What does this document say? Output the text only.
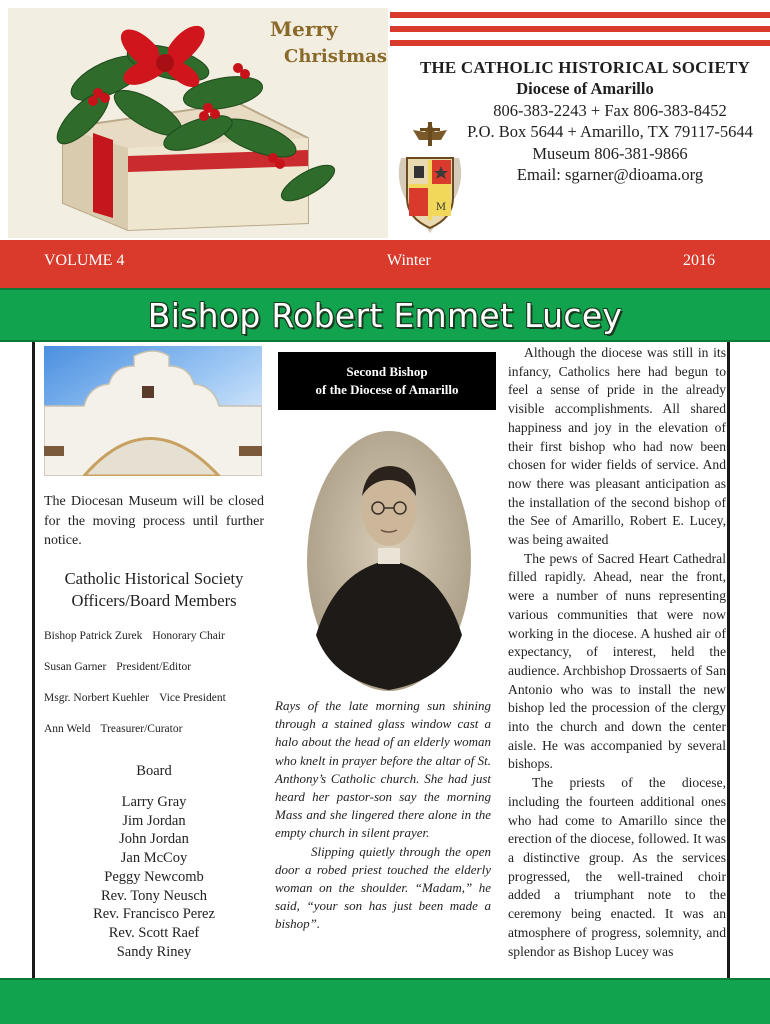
Merry
Christmas
THE CATHOLIC HISTORICAL SOCIETY
Diocese of Amarillo
806-383-2243 + Fax 806-383-8452
P.O. Box 5644 + Amarillo, TX 79117-5644
Museum 806-381-9866
Email: sgarner@dioama.org
M
VOLUME 4	Winter	2016
Bishop Robert Emmet Lucey
The Diocesan Museum will be closed for the moving process until further notice.
Catholic Historical Society
Officers/Board Members
Bishop Patrick Zurek Honorary Chair
Susan Garner President/Editor
Msgr. Norbert Kuehler Vice President
Ann Weld Treasurer/Curator
Board
Larry Gray
Jim Jordan
John Jordan
Jan McCoy
Peggy Newcomb
Rev. Tony Neusch
Rev. Francisco Perez
Rev. Scott Raef
Sandy Riney
Second Bishop
of the Diocese of Amarillo

Rays of the late morning sun shining through a stained glass window cast a halo about the head of an elderly woman who knelt in prayer before the altar of St. Anthony’s Catholic church. She had just heard her pastor-son say the morning Mass and she lingered there alone in the empty church in silent prayer.

Slipping quietly through the open door a robed priest touched the elderly woman on the shoulder. “Madam,” he said, “your son has just been made a bishop”.

Although the diocese was still in its infancy, Catholics here had begun to feel a sense of pride in the already visible accomplishments. All shared happiness and joy in the elevation of their first bishop who had now been chosen for wider fields of service. And now there was pleasant anticipation as the installation of the second bishop of the See of Amarillo, Robert E. Lucey, was being awaited

The pews of Sacred Heart Cathedral filled rapidly. Ahead, near the front, were a number of nuns representing various communities that were now working in the diocese. A hushed air of expectancy, of interest, held the audience. Archbishop Drossaerts of San Antonio who was to install the new bishop led the procession of the clergy into the church and down the center aisle. He was accompanied by several bishops.

The priests of the diocese, including the fourteen additional ones who had come to Amarillo since the erection of the diocese, followed. It was a distinctive group. As the services progressed, the well-trained choir added a triumphant note to the ceremony being enacted. It was an atmosphere of progress, solemnity, and splendor as Bishop Lucey was
